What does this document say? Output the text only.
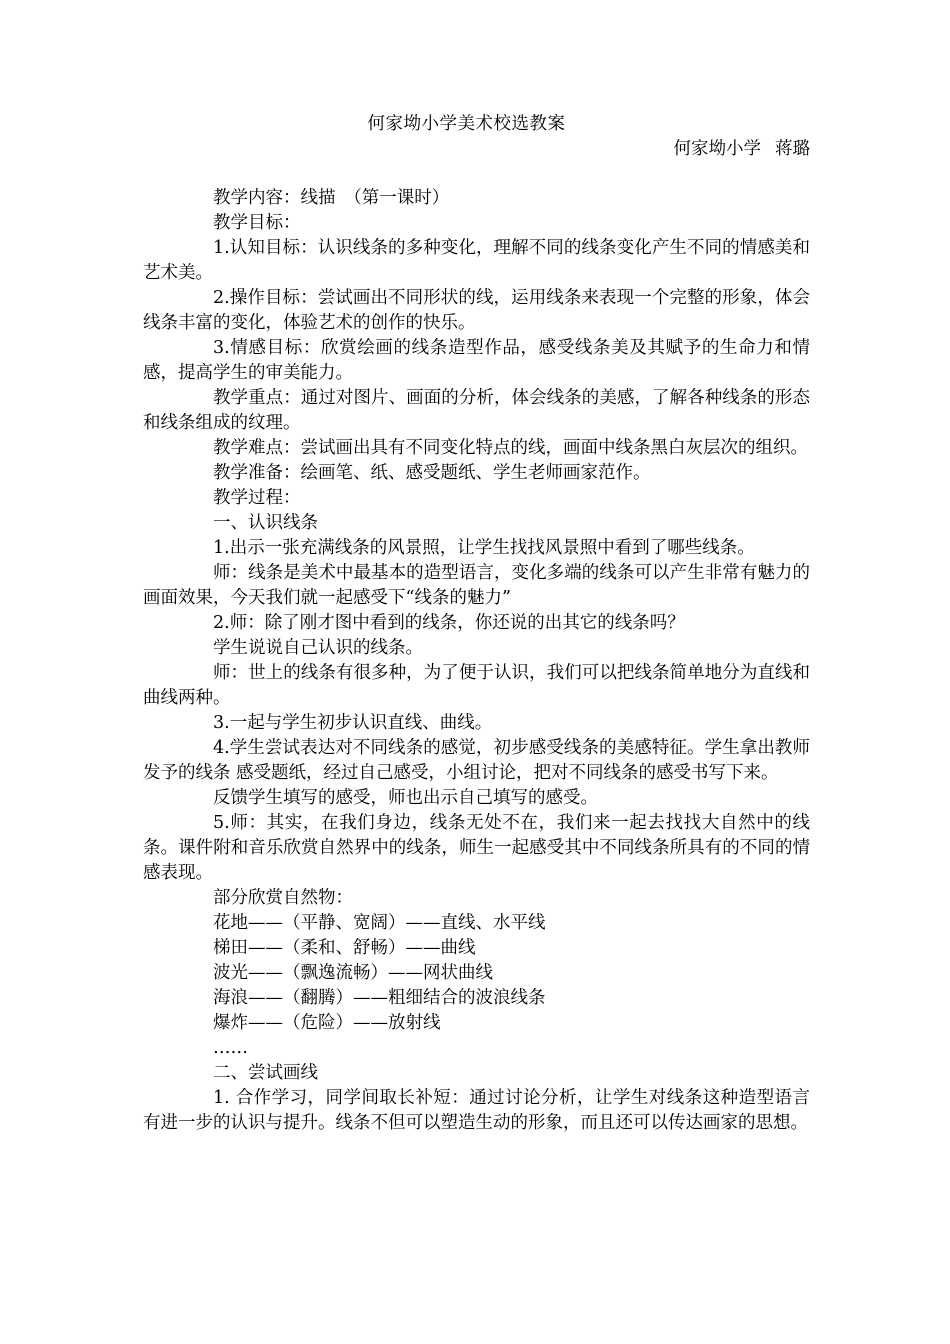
何家坳小学美术校选教案
何家坳小学 蒋璐

教学内容：线描　（第一课时）

教学目标：

1.认知目标：认识线条的多种变化，理解不同的线条变化产生不同的情感美和艺术美。

2.操作目标：尝试画出不同形状的线，运用线条来表现一个完整的形象，体会线条丰富的变化，体验艺术的创作的快乐。

3.情感目标：欣赏绘画的线条造型作品，感受线条美及其赋予的生命力和情感，提高学生的审美能力。

教学重点：通过对图片、画面的分析，体会线条的美感，了解各种线条的形态和线条组成的纹理。

教学难点：尝试画出具有不同变化特点的线，画面中线条黑白灰层次的组织。

教学准备：绘画笔、纸、感受题纸、学生老师画家范作。

教学过程：

一、认识线条

1.出示一张充满线条的风景照，让学生找找风景照中看到了哪些线条。

师：线条是美术中最基本的造型语言，变化多端的线条可以产生非常有魅力的画面效果，今天我们就一起感受下“线条的魅力”

2.师：除了刚才图中看到的线条，你还说的出其它的线条吗？

学生说说自己认识的线条。

师：世上的线条有很多种，为了便于认识，我们可以把线条简单地分为直线和曲线两种。

3.一起与学生初步认识直线、曲线。

4.学生尝试表达对不同线条的感觉，初步感受线条的美感特征。学生拿出教师发予的线条 感受题纸，经过自己感受，小组讨论，把对不同线条的感受书写下来。

反馈学生填写的感受，师也出示自己填写的感受。

5.师：其实，在我们身边，线条无处不在，我们来一起去找找大自然中的线条。课件附和音乐欣赏自然界中的线条，师生一起感受其中不同线条所具有的不同的情感表现。

部分欣赏自然物：

花地——（平静、宽阔）——直线、水平线

梯田——（柔和、舒畅）——曲线

波光——（飘逸流畅）——网状曲线

海浪——（翻腾）——粗细结合的波浪线条

爆炸——（危险）——放射线

……

二、尝试画线

1. 合作学习，同学间取长补短：通过讨论分析，让学生对线条这种造型语言有进一步的认识与提升。线条不但可以塑造生动的形象，而且还可以传达画家的思想。
